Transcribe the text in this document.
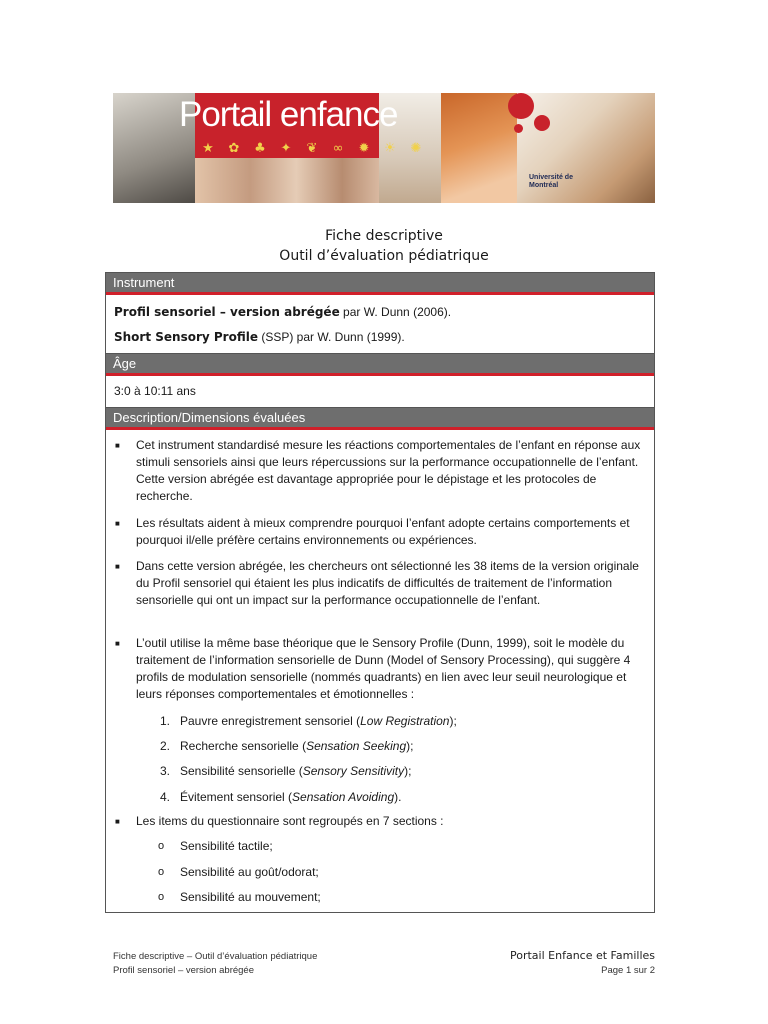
Portail enfance
★ ✿ ♣ ✦ ❦ ∞ ✹ ☀ ✺
Université de Montréal
Fiche descriptive
Outil d’évaluation pédiatrique
Instrument
Profil sensoriel – version abrégée par W. Dunn (2006).
Short Sensory Profile (SSP) par W. Dunn (1999).
Âge
3:0 à 10:11 ans
Description/Dimensions évaluées
■ Cet instrument standardisé mesure les réactions comportementales de l’enfant en réponse aux stimuli sensoriels ainsi que leurs répercussions sur la performance occupationnelle de l’enfant. Cette version abrégée est davantage appropriée pour le dépistage et les protocoles de recherche.
■ Les résultats aident à mieux comprendre pourquoi l’enfant adopte certains comportements et pourquoi il/elle préfère certains environnements ou expériences.
■ Dans cette version abrégée, les chercheurs ont sélectionné les 38 items de la version originale du Profil sensoriel qui étaient les plus indicatifs de difficultés de traitement de l’information sensorielle qui ont un impact sur la performance occupationnelle de l’enfant.
■ L’outil utilise la même base théorique que le Sensory Profile (Dunn, 1999), soit le modèle du traitement de l’information sensorielle de Dunn (Model of Sensory Processing), qui suggère 4 profils de modulation sensorielle (nommés quadrants) en lien avec leur seuil neurologique et leurs réponses comportementales et émotionnelles :
1. Pauvre enregistrement sensoriel (Low Registration);
2. Recherche sensorielle (Sensation Seeking);
3. Sensibilité sensorielle (Sensory Sensitivity);
4. Évitement sensoriel (Sensation Avoiding).
■ Les items du questionnaire sont regroupés en 7 sections :
o Sensibilité tactile;
o Sensibilité au goût/odorat;
o Sensibilité au mouvement;
Fiche descriptive – Outil d’évaluation pédiatrique
Profil sensoriel – version abrégée
Portail Enfance et Familles
Page 1 sur 2
